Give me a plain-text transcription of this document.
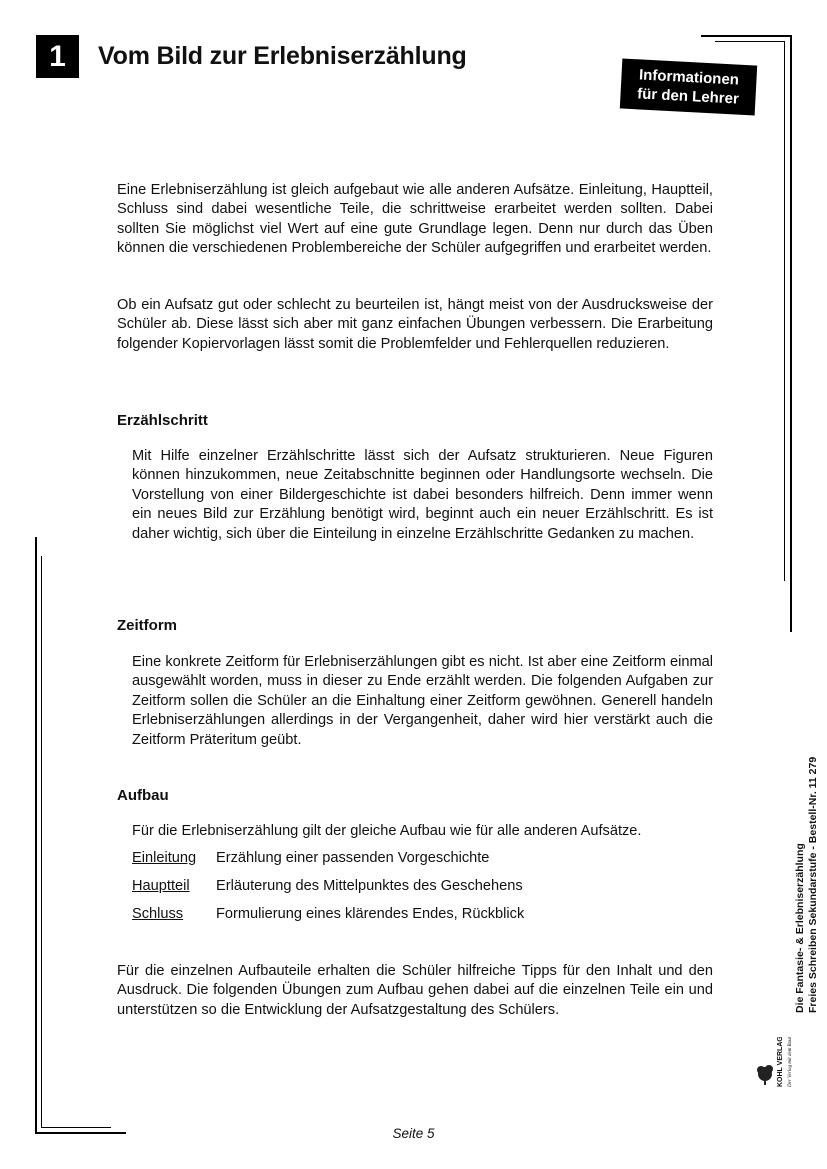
1	Vom Bild zur Erlebniserzählung
Informationen
für den Lehrer

Eine Erlebniserzählung ist gleich aufgebaut wie alle anderen Aufsätze. Einleitung, Hauptteil, Schluss sind dabei wesentliche Teile, die schrittweise erarbeitet werden sollten. Dabei sollten Sie möglichst viel Wert auf eine gute Grundlage legen. Denn nur durch das Üben können die verschiedenen Problembereiche der Schüler aufgegriffen und erarbeitet werden.

Ob ein Aufsatz gut oder schlecht zu beurteilen ist, hängt meist von der Ausdrucksweise der Schüler ab. Diese lässt sich aber mit ganz einfachen Übungen verbessern. Die Erarbeitung folgender Kopiervorlagen lässt somit die Problemfelder und Fehlerquellen reduzieren.

Erzählschritt

Mit Hilfe einzelner Erzählschritte lässt sich der Aufsatz strukturieren. Neue Figuren können hinzukommen, neue Zeitabschnitte beginnen oder Handlungsorte wechseln. Die Vorstellung von einer Bildergeschichte ist dabei besonders hilfreich. Denn immer wenn ein neues Bild zur Erzählung benötigt wird, beginnt auch ein neuer Erzählschritt. Es ist daher wichtig, sich über die Einteilung in einzelne Erzählschritte Gedanken zu machen.

Zeitform

Eine konkrete Zeitform für Erlebniserzählungen gibt es nicht. Ist aber eine Zeitform einmal ausgewählt worden, muss in dieser zu Ende erzählt werden. Die folgenden Aufgaben zur Zeitform sollen die Schüler an die Einhaltung einer Zeitform gewöhnen. Generell handeln Erlebniserzählungen allerdings in der Vergangenheit, daher wird hier verstärkt auch die Zeitform Präteritum geübt.

Aufbau

Für die Erlebniserzählung gilt der gleiche Aufbau wie für alle anderen Aufsätze.

Einleitung Erzählung einer passenden Vorgeschichte
Hauptteil Erläuterung des Mittelpunktes des Geschehens
Schluss Formulierung eines klärendes Endes, Rückblick

Für die einzelnen Aufbauteile erhalten die Schüler hilfreiche Tipps für den Inhalt und den Ausdruck. Die folgenden Übungen zum Aufbau gehen dabei auf die einzelnen Teile ein und unterstützen so die Entwicklung der Aufsatzgestaltung des Schülers.	Die Fantasie- & Erlebniserzählung Freies Schreiben Sekundarstufe - Bestell-Nr. 11 279
KOHL VERLAG Der Verlag mit dem Baum
Seite 5
